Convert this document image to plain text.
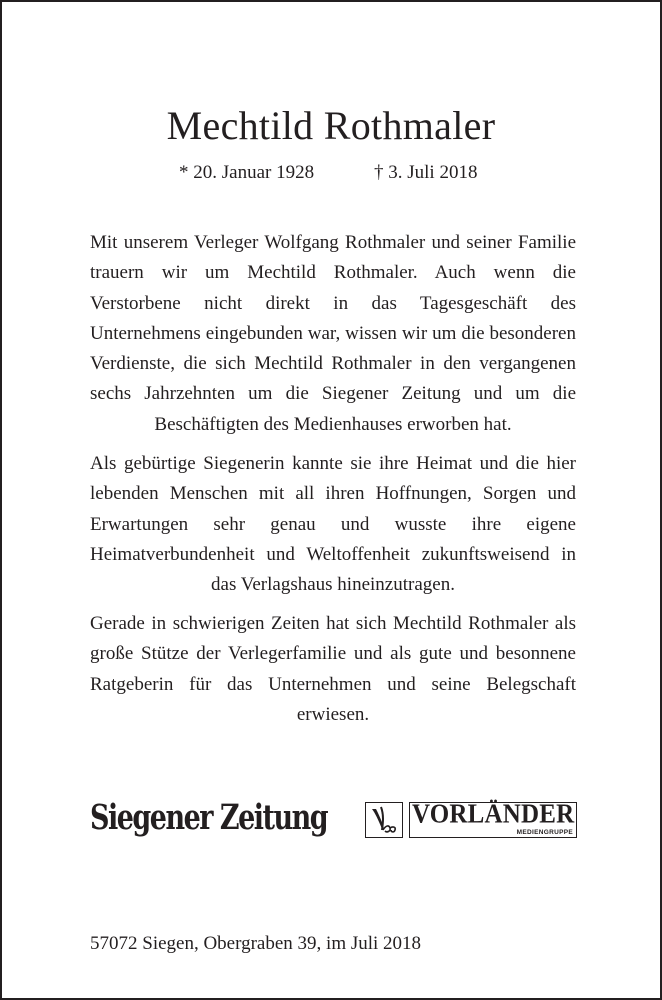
Mechtild Rothmaler
* 20. Januar 1928	† 3. Juli 2018
Mit unserem Verleger Wolfgang Rothmaler und seiner Familie trauern wir um Mechtild Rothmaler. Auch wenn die Verstorbene nicht direkt in das Tagesgeschäft des Unternehmens eingebunden war, wissen wir um die besonderen Verdienste, die sich Mechtild Rothmaler in den vergangenen sechs Jahrzehnten um die Siegener Zeitung und um die Beschäftigten des Medienhauses erworben hat.
Als gebürtige Siegenerin kannte sie ihre Heimat und die hier lebenden Menschen mit all ihren Hoffnungen, Sorgen und Erwartungen sehr genau und wusste ihre eigene Heimatverbundenheit und Weltoffenheit zukunftsweisend in das Verlagshaus hineinzutragen.
Gerade in schwierigen Zeiten hat sich Mechtild Rothmaler als große Stütze der Verlegerfamilie und als gute und besonnene Ratgeberin für das Unternehmen und seine Belegschaft erwiesen.
Siegener Zeitung	VORLÄNDER
MEDIENGRUPPE
57072 Siegen, Obergraben 39, im Juli 2018
